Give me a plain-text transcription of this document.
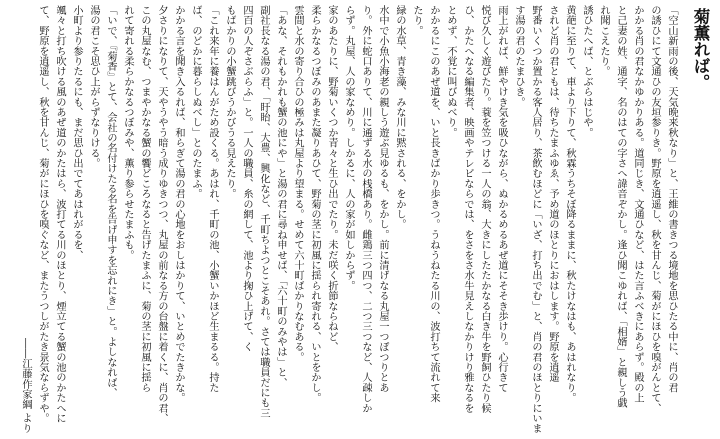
菊薫れば。
「空山新雨の後、天気晩来秋なり」と、王維の書きつる境地を思ひたる中に、肖の君
の誘ひにて文通ひの友垣参りき。野原を逍遥し、秋を甘んじ、菊がにほひを嗅がんとて、
かかる肖の君なかゆかりある。道同じき、文通ひなど、はた言ふべきにあらず。殿の上
と己妻の姓、通字、名のはての字さへ諱音ぞかし。逢ひ聞こゆれば、「相婿」と親しう戯
れ聞こえたり。
誘ひたへば、とぶらはじや。
黄葩に至りて、車より下りて、秋霖うちそぼ降るままに、秋たけなはも、あはれなり。
されど肖の君ともは、待ちたまふゆゑ、予め道のほとりにおはします。野原を逍遥
野番いくつか置かる客人居り、茶飲むほどに「いざ、打ち出でむ」と、肖の君のほとりにいま
す湯の君のたまひき。
雨上がれば、鮮やけき気を吸ひながら、ぬかるめるあぜ道にそそき歩けり。心行きて
悦び久しく遊びたり。蓑を笠つける一人の翁、大きにしたたかなる白き牛を野飼ひたり候
ひ、かたへなる編集者、映画やテレビならでは、をさをさ水牛見えしなかりけり雅なるを
とめず、不覚に叫びぬべり。
かかるにこのあぜ道を、いと長きばかり歩きつ。うねうねたる川の、波打ちて流れて来
たり。
緑の水草、青き藻、みな川に黙される、をかし。
水中で小魚小海老の親しう遊ぶ見ゆるも、をかし。前に清げなる丸屋一つぽつりとあ
り。外に蛇口ありて、川に通ずる水の桟橋あり。雌鶏三つ四つ、二つ三つなど、人疎しか
らず。丸屋、人の家なめり。しかるに、人の家が如しからず。
家のあたりに、野菊いくつか青々と生ひ出でたり。未だ咲く折節ならねど、
柔らかなるつぼみのあまた凝りあひて、野菊の茎に初風に揺られ寄れる、いとをかし。
雲間と水の寄り合ひの極みは丸屋より望まる。せめて六十町ばかりなむある。
「あな、それもかれも蟹の池にや」と湯の君に尋ね申せば、「六十町のみやは」と、
副社長なる湯の君、「盱眙、大豊、興化など、千町ちよつとこそあれ。さては職員だにも三
四百の人ぞさぶらふ」と。一人の職員、糸の網して、池より掬ひ上げて、く
もばかりの小蟹跳びうかびうる見えたり。
「これ来年に養はんがため設くる。あはれ、千町の池、小蟹いかほど生まるる。持た
ば、のどかに暮らしぬべし」とのたまふ。
かかる言を聞き入るれば、和らぎて湯の君の心地をおしはかりて、いとめでたきかな。
夕さりになりて、天やうやう暗う成りゆきつつ、丸屋の前なる方の台盤に着くに、肖の君、
この丸屋なむ、つまやかなる蟹の饗どころなると告げたまふに、菊の茎に初風に揺ら
れて寄れる柔らかなるつぼみや、薫り参らせたまふも。
「いで、『菊香』とて、会社の名付けたる名を告げ申すを忘れにき」と。よしなれば、
湯の君こそ思ひ上がらずなりける。
小町より参りたるにも、まだ思ひ出でてあはれがるを、
颯々と打ち吹ける風のあぜ道のかたはら、波打てる川のほとり、煙立てる蟹の池のかたへに
て、野原を逍遥し、秋を甘んじ、菊がにほひを嗅ぐなど、またうつしがたき景気ならずや。
――江藤作家綱 より
